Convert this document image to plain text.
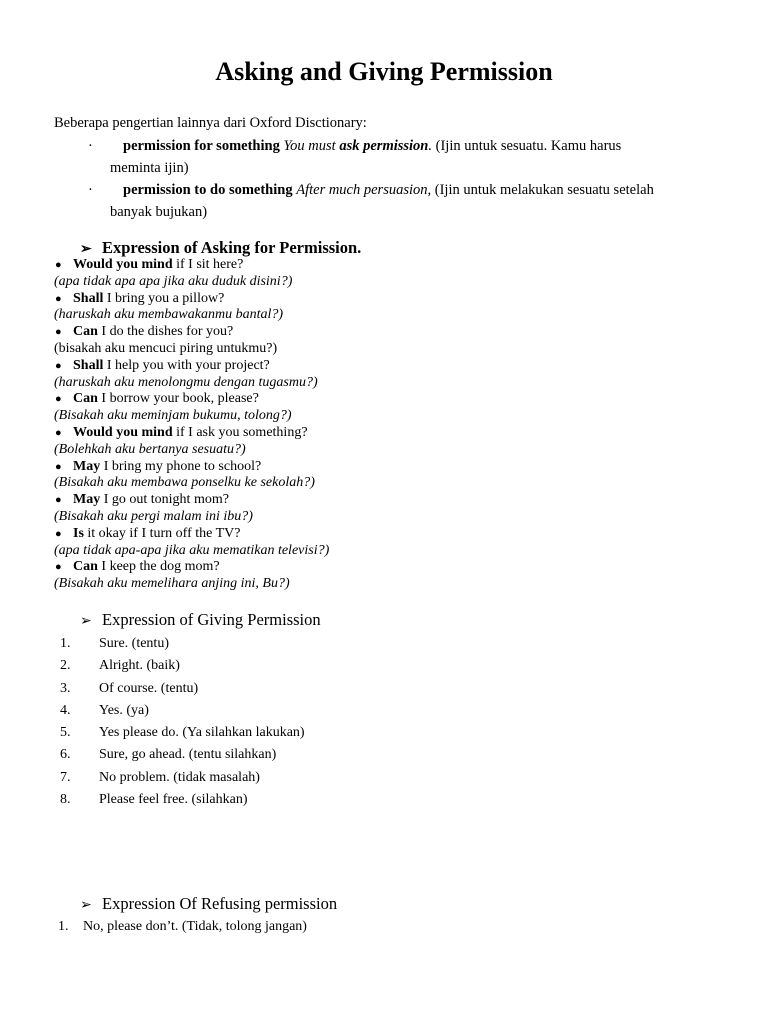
Asking and Giving Permission
Beberapa pengertian lainnya dari Oxford Disctionary:
· permission for something You must ask permission. (Ijin untuk sesuatu. Kamu harus
meminta ijin)
· permission to do something After much persuasion, (Ijin untuk melakukan sesuatu setelah
banyak bujukan)
➢ Expression of Asking for Permission.
● Would you mind if I sit here?
(apa tidak apa apa jika aku duduk disini?)
● Shall I bring you a pillow?
(haruskah aku membawakanmu bantal?)
● Can I do the dishes for you?
(bisakah aku mencuci piring untukmu?)
● Shall I help you with your project?
(haruskah aku menolongmu dengan tugasmu?)
● Can I borrow your book, please?
(Bisakah aku meminjam bukumu, tolong?)
● Would you mind if I ask you something?
(Bolehkah aku bertanya sesuatu?)
● May I bring my phone to school?
(Bisakah aku membawa ponselku ke sekolah?)
● May I go out tonight mom?
(Bisakah aku pergi malam ini ibu?)
● Is it okay if I turn off the TV?
(apa tidak apa-apa jika aku mematikan televisi?)
● Can I keep the dog mom?
(Bisakah aku memelihara anjing ini, Bu?)
➢ Expression of Giving Permission
1. Sure. (tentu)
2. Alright. (baik)
3. Of course. (tentu)
4. Yes. (ya)
5. Yes please do. (Ya silahkan lakukan)
6. Sure, go ahead. (tentu silahkan)
7. No problem. (tidak masalah)
8. Please feel free. (silahkan)
➢ Expression Of Refusing permission
1. No, please don’t. (Tidak, tolong jangan)
